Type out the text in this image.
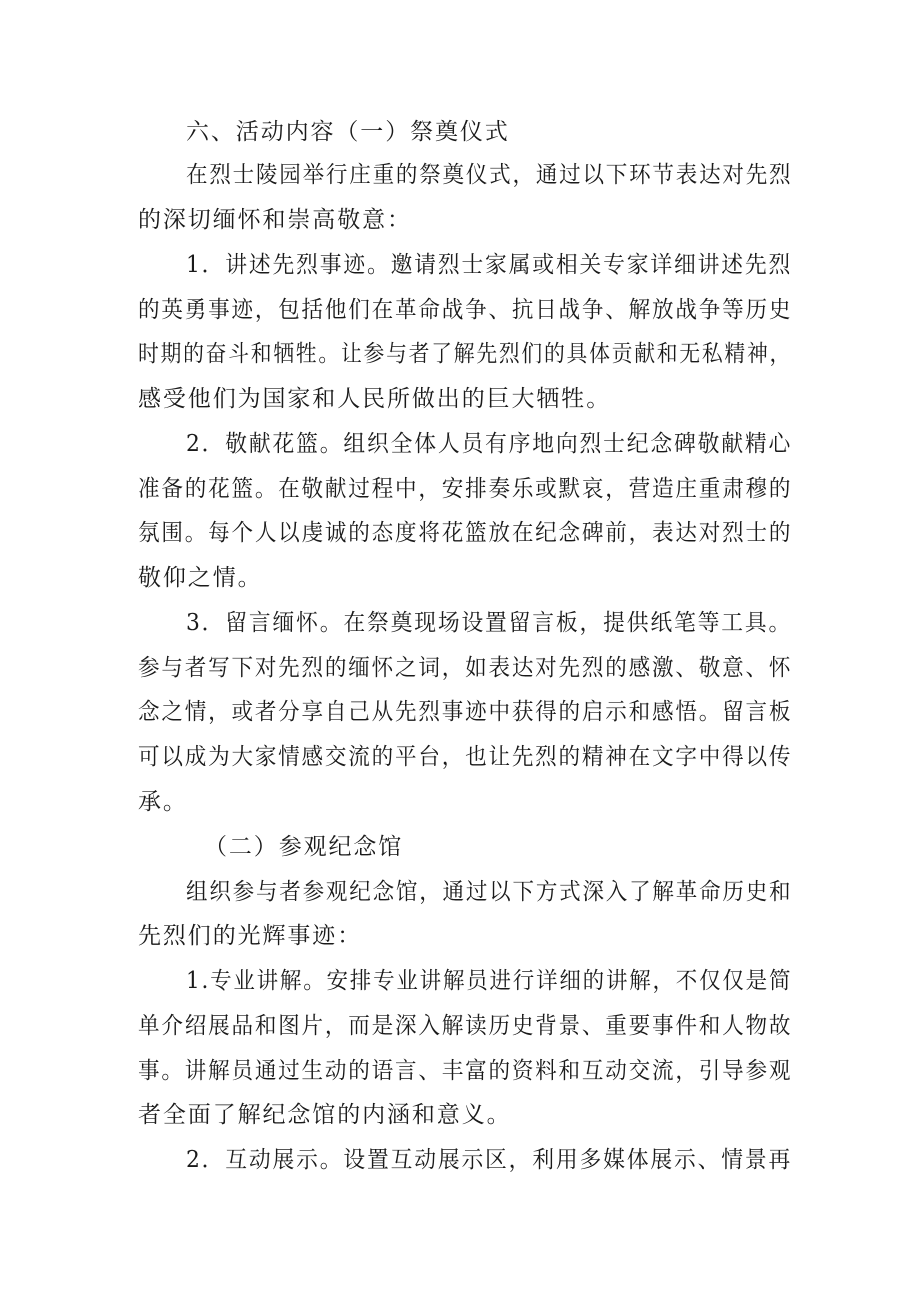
六、活动内容（一）祭奠仪式
在烈士陵园举行庄重的祭奠仪式，通过以下环节表达对先烈
的深切缅怀和崇高敬意：
1．讲述先烈事迹。邀请烈士家属或相关专家详细讲述先烈
的英勇事迹，包括他们在革命战争、抗日战争、解放战争等历史
时期的奋斗和牺牲。让参与者了解先烈们的具体贡献和无私精神，
感受他们为国家和人民所做出的巨大牺牲。
2．敬献花篮。组织全体人员有序地向烈士纪念碑敬献精心
准备的花篮。在敬献过程中，安排奏乐或默哀，营造庄重肃穆的
氛围。每个人以虔诚的态度将花篮放在纪念碑前，表达对烈士的
敬仰之情。
3．留言缅怀。在祭奠现场设置留言板，提供纸笔等工具。
参与者写下对先烈的缅怀之词，如表达对先烈的感激、敬意、怀
念之情，或者分享自己从先烈事迹中获得的启示和感悟。留言板
可以成为大家情感交流的平台，也让先烈的精神在文字中得以传
承。
（二）参观纪念馆
组织参与者参观纪念馆，通过以下方式深入了解革命历史和
先烈们的光辉事迹：
1.专业讲解。安排专业讲解员进行详细的讲解，不仅仅是简
单介绍展品和图片，而是深入解读历史背景、重要事件和人物故
事。讲解员通过生动的语言、丰富的资料和互动交流，引导参观
者全面了解纪念馆的内涵和意义。
2．互动展示。设置互动展示区，利用多媒体展示、情景再
